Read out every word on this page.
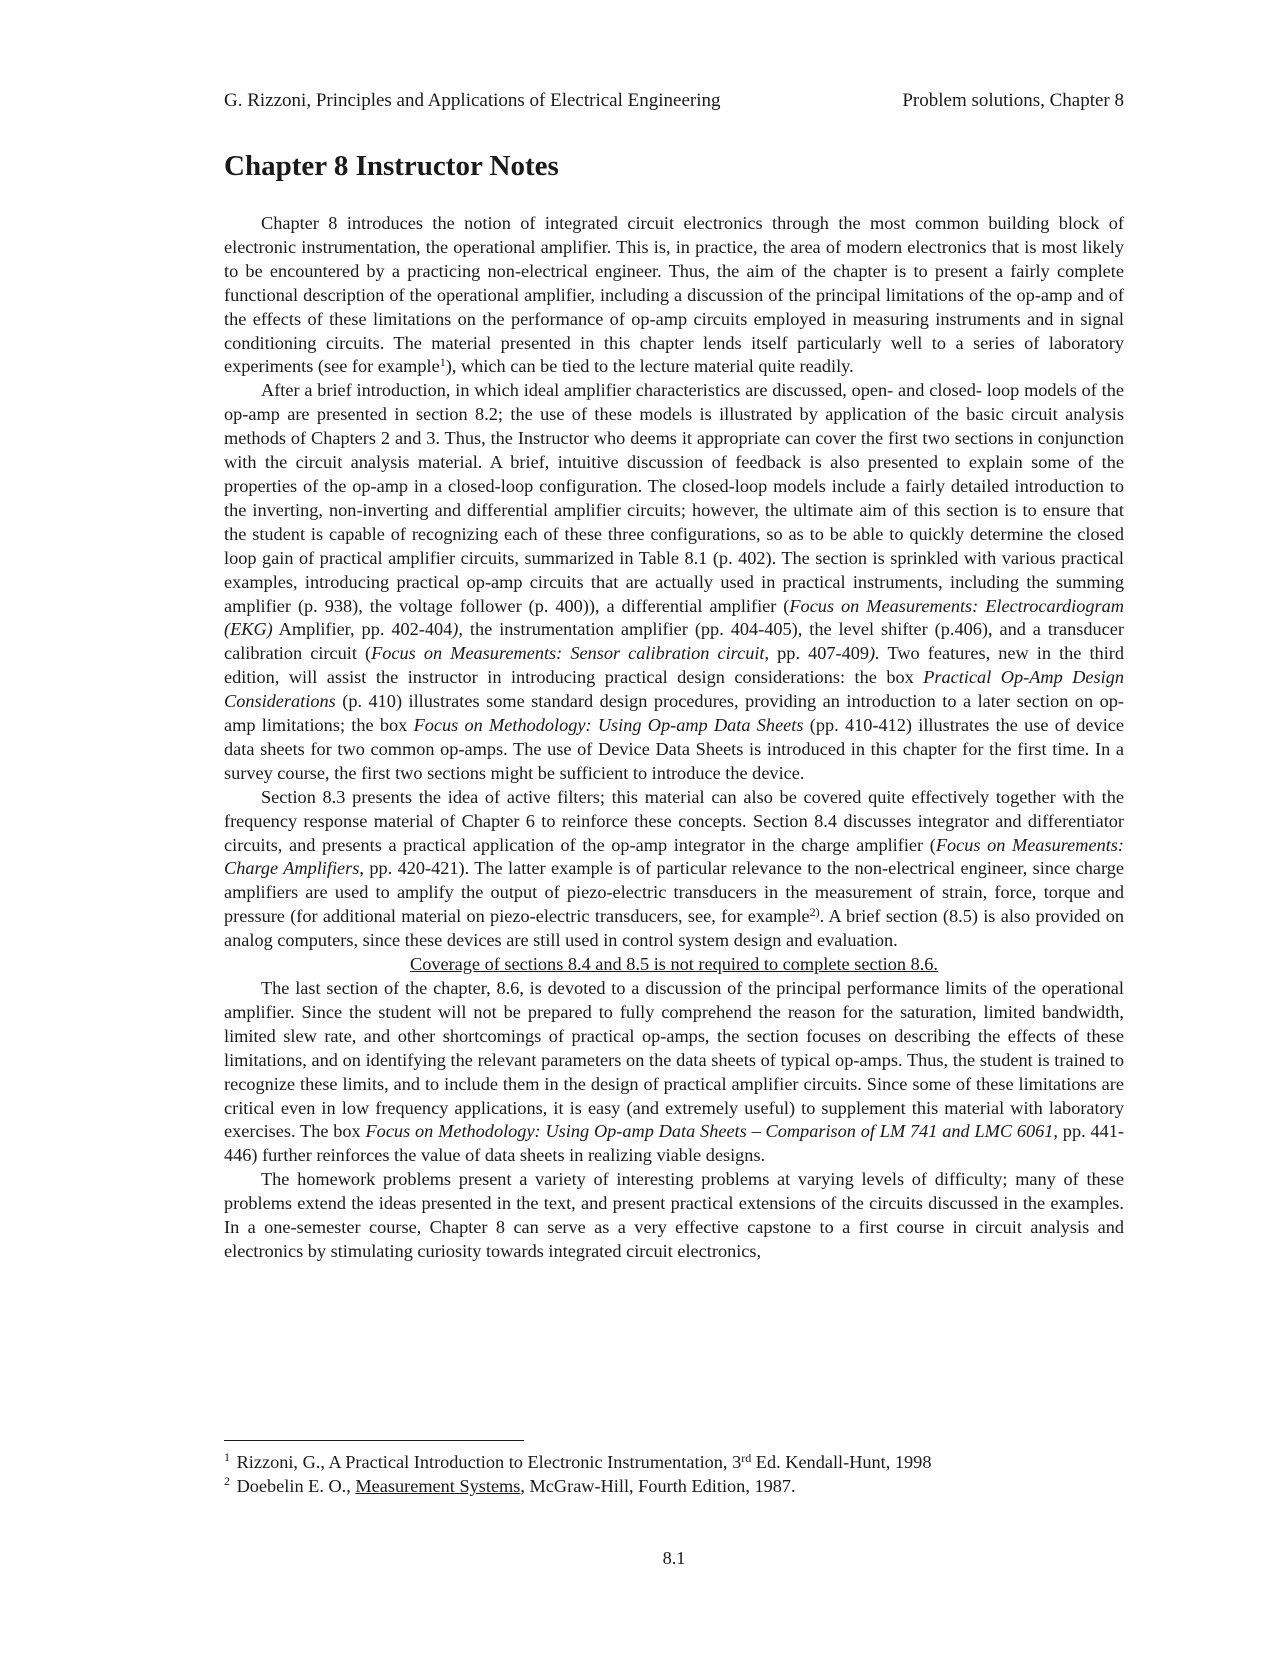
G. Rizzoni, Principles and Applications of Electrical Engineering	Problem solutions, Chapter 8
Chapter 8 Instructor Notes

Chapter 8 introduces the notion of integrated circuit electronics through the most common building block of electronic instrumentation, the operational amplifier. This is, in practice, the area of modern electronics that is most likely to be encountered by a practicing non-electrical engineer. Thus, the aim of the chapter is to present a fairly complete functional description of the operational amplifier, including a discussion of the principal limitations of the op-amp and of the effects of these limitations on the performance of op-amp circuits employed in measuring instruments and in signal conditioning circuits. The material presented in this chapter lends itself particularly well to a series of laboratory experiments (see for example$^1$), which can be tied to the lecture material quite readily.

After a brief introduction, in which ideal amplifier characteristics are discussed, open- and closed- loop models of the op-amp are presented in section 8.2; the use of these models is illustrated by application of the basic circuit analysis methods of Chapters 2 and 3. Thus, the Instructor who deems it appropriate can cover the first two sections in conjunction with the circuit analysis material. A brief, intuitive discussion of feedback is also presented to explain some of the properties of the op-amp in a closed-loop configuration. The closed-loop models include a fairly detailed introduction to the inverting, non-inverting and differential amplifier circuits; however, the ultimate aim of this section is to ensure that the student is capable of recognizing each of these three configurations, so as to be able to quickly determine the closed loop gain of practical amplifier circuits, summarized in Table 8.1 (p. 402). The section is sprinkled with various practical examples, introducing practical op-amp circuits that are actually used in practical instruments, including the summing amplifier (p. 938), the voltage follower (p. 400)), a differential amplifier (Focus on Measurements: Electrocardiogram (EKG) Amplifier, pp. 402-404), the instrumentation amplifier (pp. 404-405), the level shifter (p.406), and a transducer calibration circuit (Focus on Measurements: Sensor calibration circuit, pp. 407-409). Two features, new in the third edition, will assist the instructor in introducing practical design considerations: the box Practical Op-Amp Design Considerations (p. 410) illustrates some standard design procedures, providing an introduction to a later section on op-amp limitations; the box Focus on Methodology: Using Op-amp Data Sheets (pp. 410-412) illustrates the use of device data sheets for two common op-amps. The use of Device Data Sheets is introduced in this chapter for the first time. In a survey course, the first two sections might be sufficient to introduce the device.

Section 8.3 presents the idea of active filters; this material can also be covered quite effectively together with the frequency response material of Chapter 6 to reinforce these concepts. Section 8.4 discusses integrator and differentiator circuits, and presents a practical application of the op-amp integrator in the charge amplifier (Focus on Measurements: Charge Amplifiers, pp. 420-421). The latter example is of particular relevance to the non-electrical engineer, since charge amplifiers are used to amplify the output of piezo-electric transducers in the measurement of strain, force, torque and pressure (for additional material on piezo-electric transducers, see, for example$^{2)}$. A brief section (8.5) is also provided on analog computers, since these devices are still used in control system design and evaluation.

Coverage of sections 8.4 and 8.5 is not required to complete section 8.6.

The last section of the chapter, 8.6, is devoted to a discussion of the principal performance limits of the operational amplifier. Since the student will not be prepared to fully comprehend the reason for the saturation, limited bandwidth, limited slew rate, and other shortcomings of practical op-amps, the section focuses on describing the effects of these limitations, and on identifying the relevant parameters on the data sheets of typical op-amps. Thus, the student is trained to recognize these limits, and to include them in the design of practical amplifier circuits. Since some of these limitations are critical even in low frequency applications, it is easy (and extremely useful) to supplement this material with laboratory exercises. The box Focus on Methodology: Using Op-amp Data Sheets – Comparison of LM 741 and LMC 6061, pp. 441-446) further reinforces the value of data sheets in realizing viable designs.

The homework problems present a variety of interesting problems at varying levels of difficulty; many of these problems extend the ideas presented in the text, and present practical extensions of the circuits discussed in the examples. In a one-semester course, Chapter 8 can serve as a very effective capstone to a first course in circuit analysis and electronics by stimulating curiosity towards integrated circuit electronics,

$^1$ Rizzoni, G., A Practical Introduction to Electronic Instrumentation, 3rd Ed. Kendall-Hunt, 1998
$^2$ Doebelin E. O., Measurement Systems, McGraw-Hill, Fourth Edition, 1987.
8.1
